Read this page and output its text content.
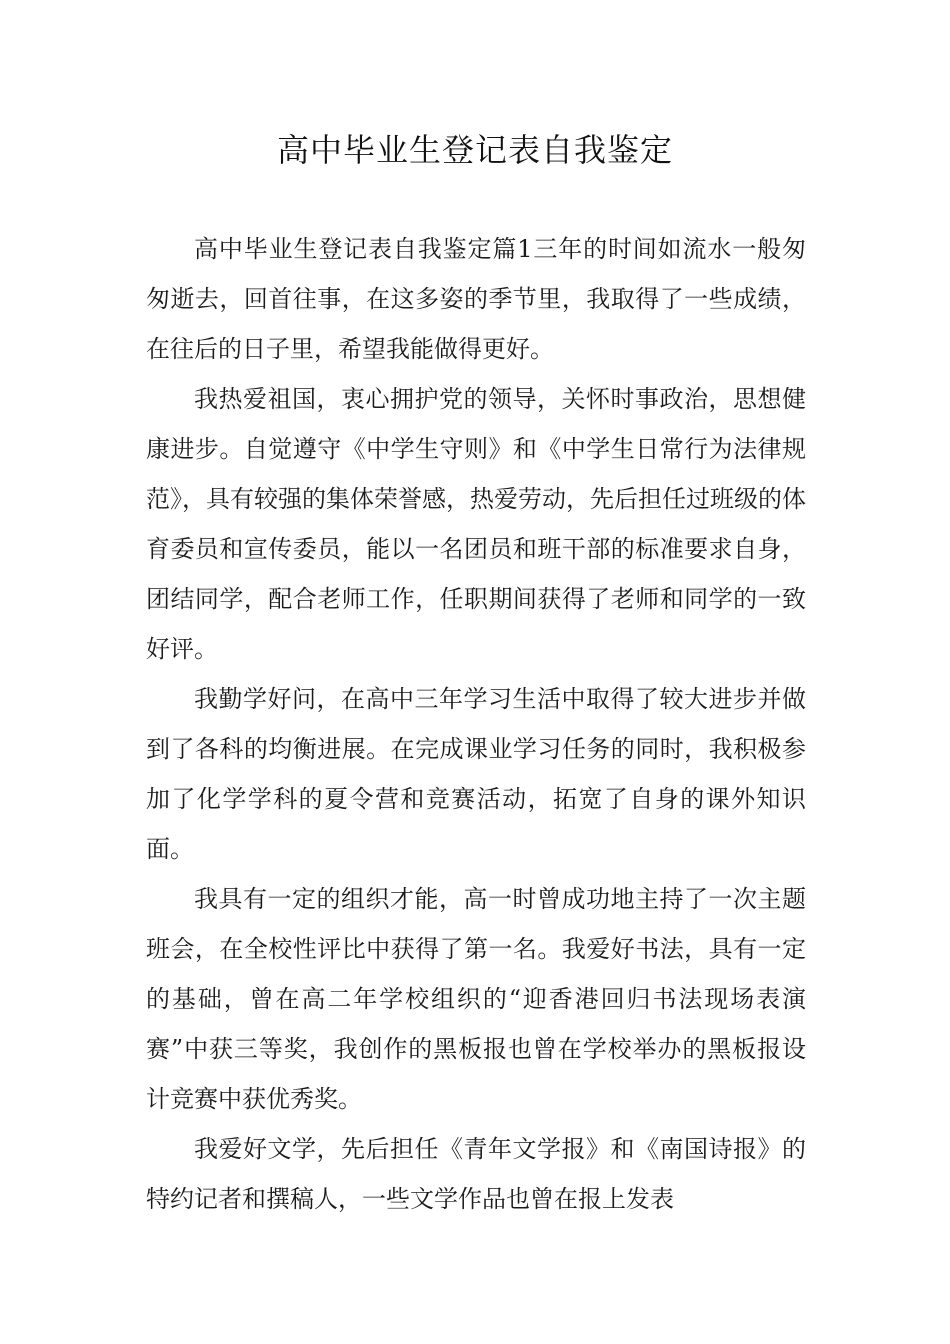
高中毕业生登记表自我鉴定

高中毕业生登记表自我鉴定篇1三年的时间如流水一般匆匆逝去，回首往事，在这多姿的季节里，我取得了一些成绩，在往后的日子里，希望我能做得更好。

我热爱祖国，衷心拥护党的领导，关怀时事政治，思想健康进步。自觉遵守《中学生守则》和《中学生日常行为法律规范》，具有较强的集体荣誉感，热爱劳动，先后担任过班级的体育委员和宣传委员，能以一名团员和班干部的标准要求自身，团结同学，配合老师工作，任职期间获得了老师和同学的一致好评。

我勤学好问，在高中三年学习生活中取得了较大进步并做到了各科的均衡进展。在完成课业学习任务的同时，我积极参加了化学学科的夏令营和竞赛活动，拓宽了自身的课外知识面。

我具有一定的组织才能，高一时曾成功地主持了一次主题班会，在全校性评比中获得了第一名。我爱好书法，具有一定的基础，曾在高二年学校组织的“迎香港回归书法现场表演赛”中获三等奖，我创作的黑板报也曾在学校举办的黑板报设计竞赛中获优秀奖。

我爱好文学，先后担任《青年文学报》和《南国诗报》的特约记者和撰稿人，一些文学作品也曾在报上发表
